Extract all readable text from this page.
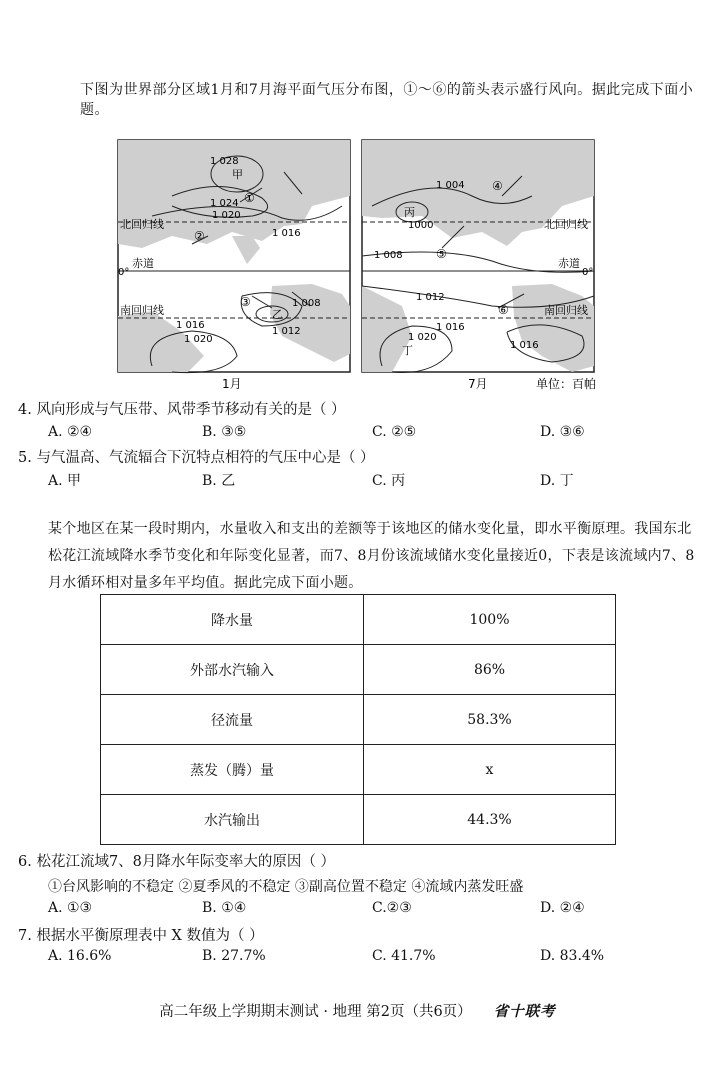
下图为世界部分区域1月和7月海平面气压分布图，①～⑥的箭头表示盛行风向。据此完成下面小题。
1 028
甲
1 024
1 020
1 016
①
②
③
北回归线
赤道
0°
南回归线
1 008
乙
1 012
1 016
1 020
1月
1 004
丙
1000
④
⑤
⑥
北回归线
1 008
赤道
0°
1 012
南回归线
1 020
1 016
1 016
丁
7月	单位：百帕
4. 风向形成与气压带、风带季节移动有关的是（ ）
A. ②④	B. ③⑤	C. ②⑤	D. ③⑥
5. 与气温高、气流辐合下沉特点相符的气压中心是（ ）
A. 甲	B. 乙	C. 丙	D. 丁
某个地区在某一段时期内，水量收入和支出的差额等于该地区的储水变化量，即水平衡原理。我国东北松花江流域降水季节变化和年际变化显著，而7、8月份该流域储水变化量接近0，下表是该流域内7、8月水循环相对量多年平均值。据此完成下面小题。
降水量	100%
外部水汽输入	86%
径流量	58.3%
蒸发（腾）量	x
水汽输出	44.3%
6. 松花江流域7、8月降水年际变率大的原因（ ）
①台风影响的不稳定 ②夏季风的不稳定 ③副高位置不稳定 ④流域内蒸发旺盛
A. ①③	B. ①④	C.②③	D. ②④
7. 根据水平衡原理表中 X 数值为（ ）
A. 16.6%	B. 27.7%	C. 41.7%	D. 83.4%
高二年级上学期期末测试 · 地理 第2页（共6页） 省十联考
